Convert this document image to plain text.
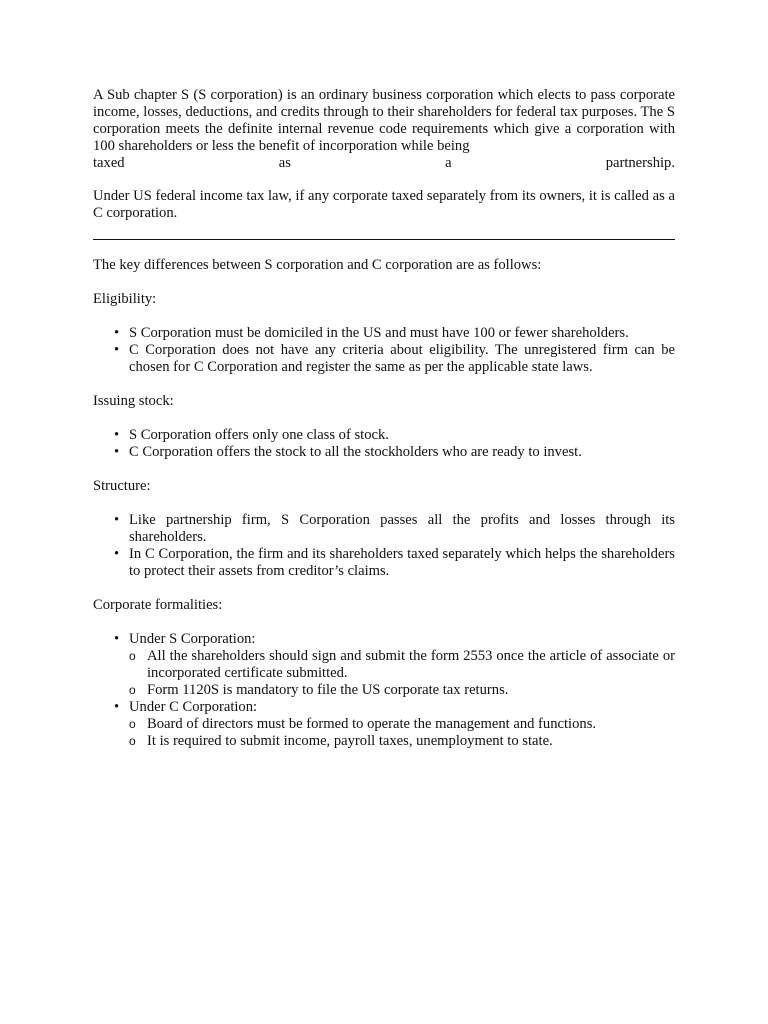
A Sub chapter S (S corporation) is an ordinary business corporation which elects to pass corporate income, losses, deductions, and credits through to their shareholders for federal tax purposes. The S corporation meets the definite internal revenue code requirements which give a corporation with 100 shareholders or less the benefit of incorporation while being

taxed	as	a	partnership.

Under US federal income tax law, if any corporate taxed separately from its owners, it is called as a C corporation.

The key differences between S corporation and C corporation are as follows:

Eligibility:

• S Corporation must be domiciled in the US and must have 100 or fewer shareholders.
• C Corporation does not have any criteria about eligibility. The unregistered firm can be chosen for C Corporation and register the same as per the applicable state laws.

Issuing stock:

• S Corporation offers only one class of stock.
• C Corporation offers the stock to all the stockholders who are ready to invest.

Structure:

• Like partnership firm, S Corporation passes all the profits and losses through its shareholders.
• In C Corporation, the firm and its shareholders taxed separately which helps the shareholders to protect their assets from creditor’s claims.

Corporate formalities:

• Under S Corporation:
o All the shareholders should sign and submit the form 2553 once the article of associate or incorporated certificate submitted.
o Form 1120S is mandatory to file the US corporate tax returns.
• Under C Corporation:
o Board of directors must be formed to operate the management and functions.
o It is required to submit income, payroll taxes, unemployment to state.
